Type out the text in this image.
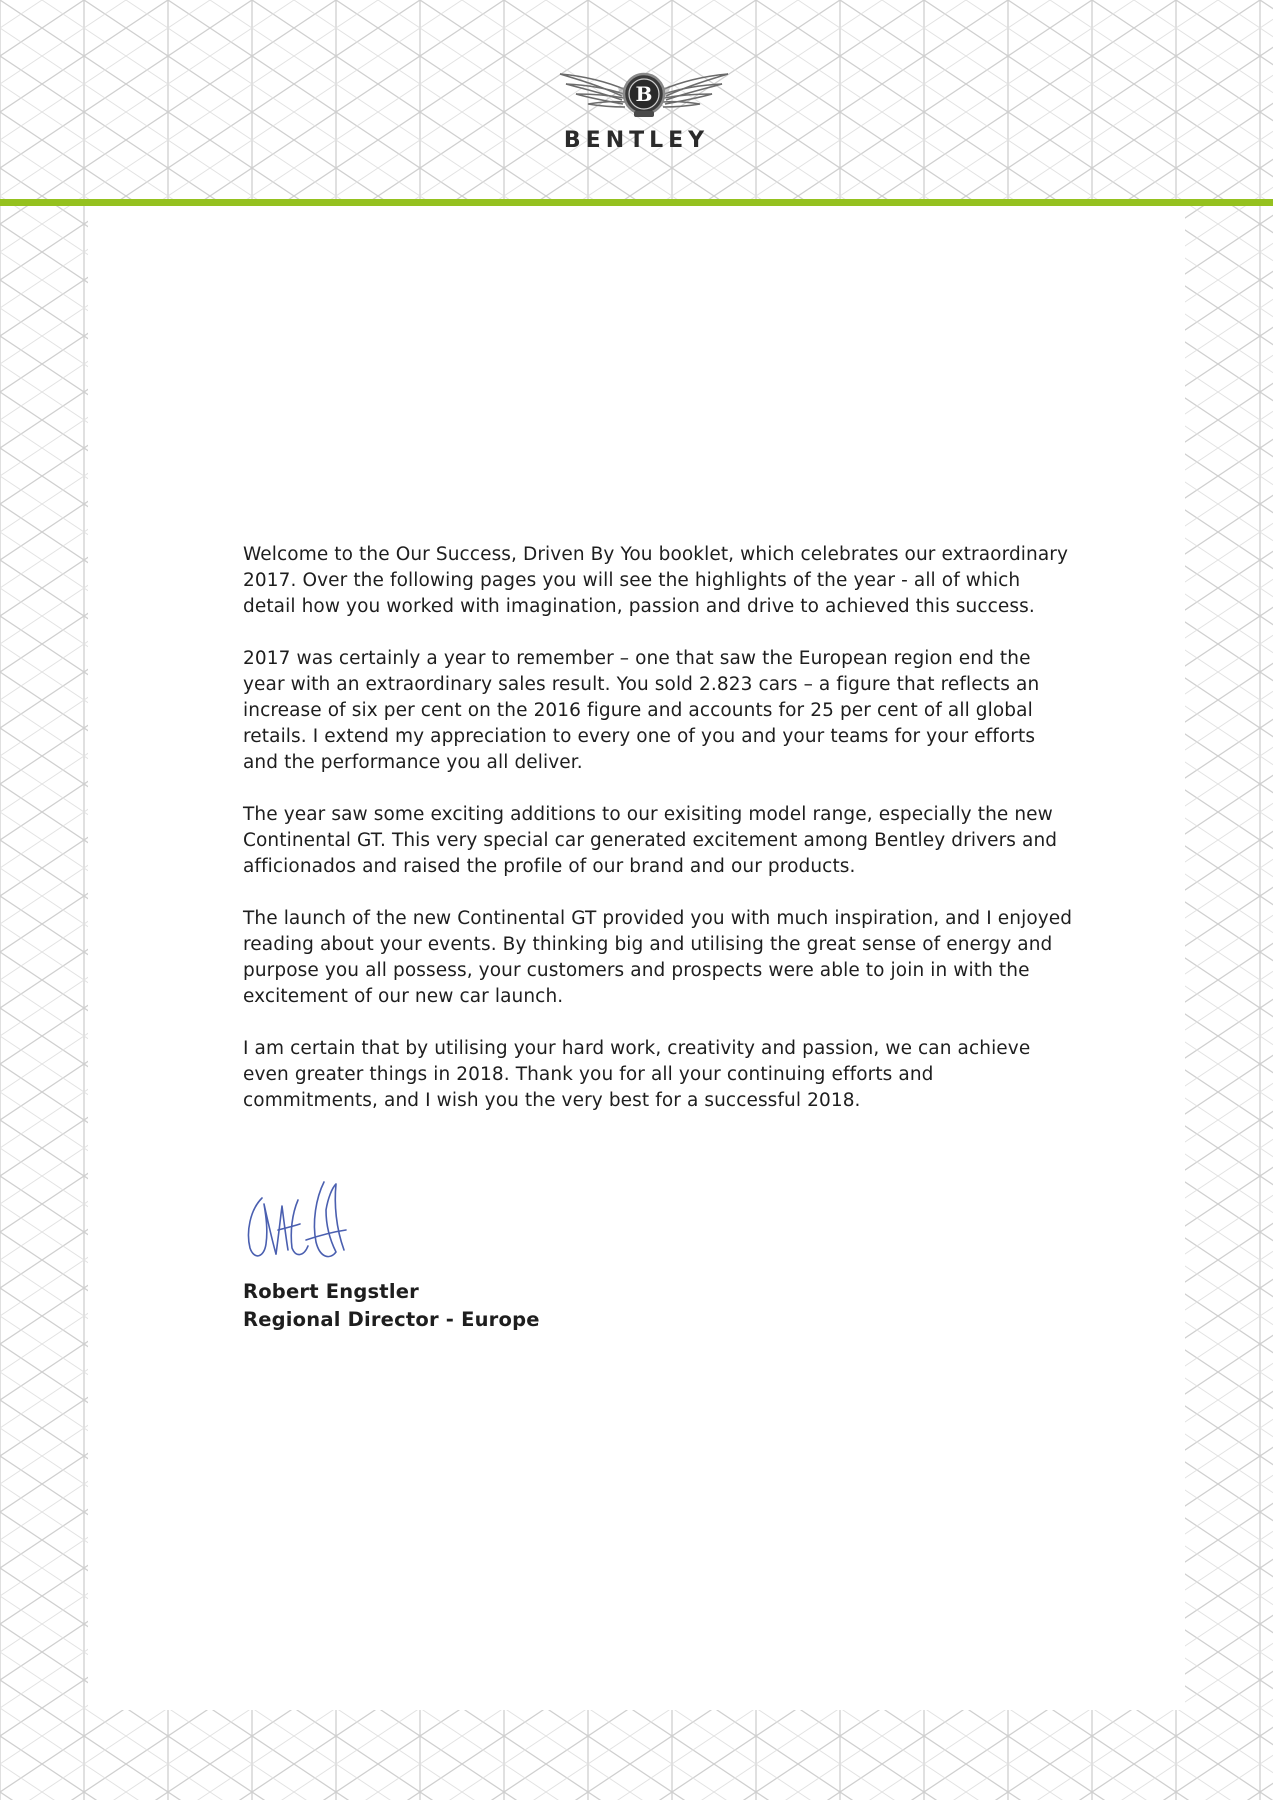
B
BENTLEY

Welcome to the Our Success, Driven By You booklet, which celebrates our extraordinary 2017. Over the following pages you will see the highlights of the year - all of which detail how you worked with imagination, passion and drive to achieved this success.

2017 was certainly a year to remember – one that saw the European region end the year with an extraordinary sales result. You sold 2.823 cars – a figure that reflects an increase of six per cent on the 2016 figure and accounts for 25 per cent of all global retails. I extend my appreciation to every one of you and your teams for your efforts and the performance you all deliver.

The year saw some exciting additions to our exisiting model range, especially the new Continental GT. This very special car generated excitement among Bentley drivers and afficionados and raised the profile of our brand and our products.

The launch of the new Continental GT provided you with much inspiration, and I enjoyed reading about your events. By thinking big and utilising the great sense of energy and purpose you all possess, your customers and prospects were able to join in with the excitement of our new car launch.

I am certain that by utilising your hard work, creativity and passion, we can achieve even greater things in 2018. Thank you for all your continuing efforts and commitments, and I wish you the very best for a successful 2018.

Robert Engstler
Regional Director - Europe
